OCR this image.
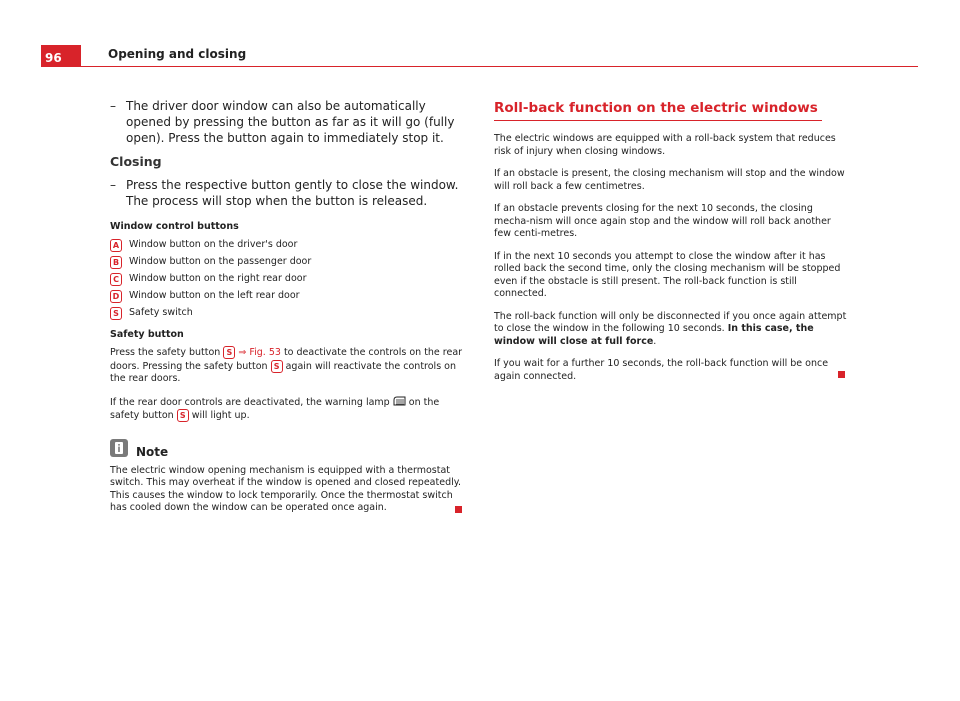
96	Opening and closing
– The driver door window can also be automatically opened by pressing the button as far as it will go (fully open). Press the button again to immediately stop it.
Closing
– Press the respective button gently to close the window. The process will stop when the button is released.
Window control buttons
A	Window button on the driver's door
B	Window button on the passenger door
C	Window button on the right rear door
D Window button on the left rear door
S	Safety switch
Safety button

Press the safety button S ⇒ Fig. 53 to deactivate the controls on the rear doors. Pressing the safety button S again will reactivate the controls on the rear doors.

If the rear door controls are deactivated, the warning lamp on the safety button S will light up.

Note

The electric window opening mechanism is equipped with a thermostat switch. This may overheat if the window is opened and closed repeatedly. This causes the window to lock temporarily. Once the thermostat switch has cooled down the window can be operated once again.

Roll-back function on the electric windows

The electric windows are equipped with a roll-back system that reduces risk of injury when closing windows.

If an obstacle is present, the closing mechanism will stop and the window will roll back a few centimetres.

If an obstacle prevents closing for the next 10 seconds, the closing mecha-nism will once again stop and the window will roll back another few centi-metres.

If in the next 10 seconds you attempt to close the window after it has rolled back the second time, only the closing mechanism will be stopped even if the obstacle is still present. The roll-back function is still connected.

The roll-back function will only be disconnected if you once again attempt to close the window in the following 10 seconds. In this case, the window will close at full force.

If you wait for a further 10 seconds, the roll-back function will be once again connected.
